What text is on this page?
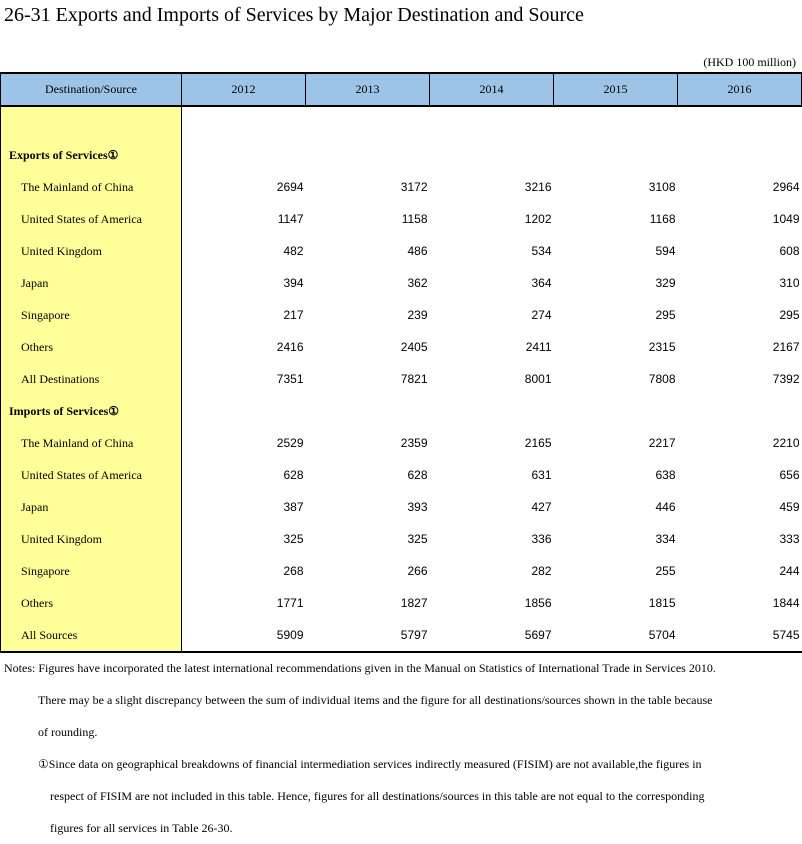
26-31 Exports and Imports of Services by Major Destination and Source
(HKD 100 million)
Destination/Source	2012	2013	2014	2015	2016

Exports of Services①					
The Mainland of China	2694	3172	3216	3108	2964
United States of America	1147	1158	1202	1168	1049
United Kingdom	482	486	534	594	608
Japan	394	362	364	329	310
Singapore	217	239	274	295	295
Others	2416	2405	2411	2315	2167
All Destinations	7351	7821	8001	7808	7392
Imports of Services①					
The Mainland of China	2529	2359	2165	2217	2210
United States of America	628	628	631	638	656
Japan	387	393	427	446	459
United Kingdom	325	325	336	334	333
Singapore	268	266	282	255	244
Others	1771	1827	1856	1815	1844
All Sources	5909	5797	5697	5704	5745

Notes: Figures have incorporated the latest international recommendations given in the Manual on Statistics of International Trade in Services 2010.

There may be a slight discrepancy between the sum of individual items and the figure for all destinations/sources shown in the table because

of rounding.

①Since data on geographical breakdowns of financial intermediation services indirectly measured (FISIM) are not available,the figures in

respect of FISIM are not included in this table. Hence, figures for all destinations/sources in this table are not equal to the corresponding

figures for all services in Table 26-30.
